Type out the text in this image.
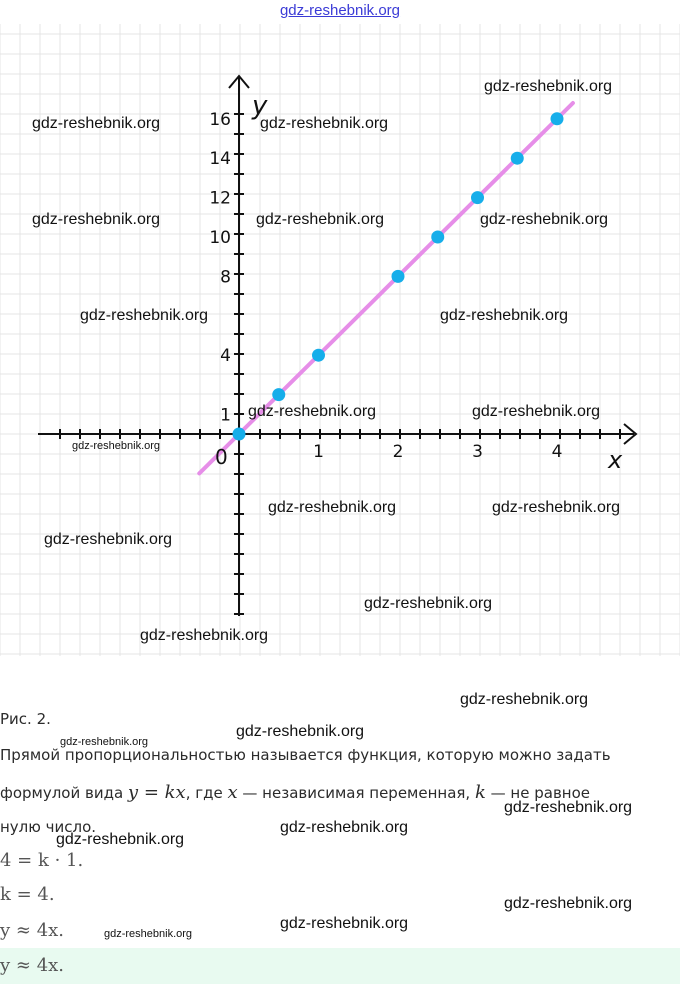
gdz-reshebnik.org
1	2	3	4
1
4
8
10
12
14
16
x
y
0
gdz-reshebnik.org
gdz-reshebnik.org	gdz-reshebnik.org
gdz-reshebnik.org	gdz-reshebnik.org	gdz-reshebnik.org
gdz-reshebnik.org	gdz-reshebnik.org
gdz-reshebnik.org	gdz-reshebnik.org
gdz-reshebnik.org
gdz-reshebnik.org	gdz-reshebnik.org
gdz-reshebnik.org
gdz-reshebnik.org
gdz-reshebnik.org
gdz-reshebnik.org
gdz-reshebnik.org
gdz-reshebnik.org
gdz-reshebnik.org
gdz-reshebnik.org
gdz-reshebnik.org
gdz-reshebnik.org
gdz-reshebnik.org
gdz-reshebnik.org
Рис. 2.
Прямой пропорциональностью называется функция, которую можно задать
формулой вида y = kx, где x — независимая переменная, k — не равное
нулю число.
4 = k · 1.
k = 4.
y ≈ 4x.
y ≈ 4x.
